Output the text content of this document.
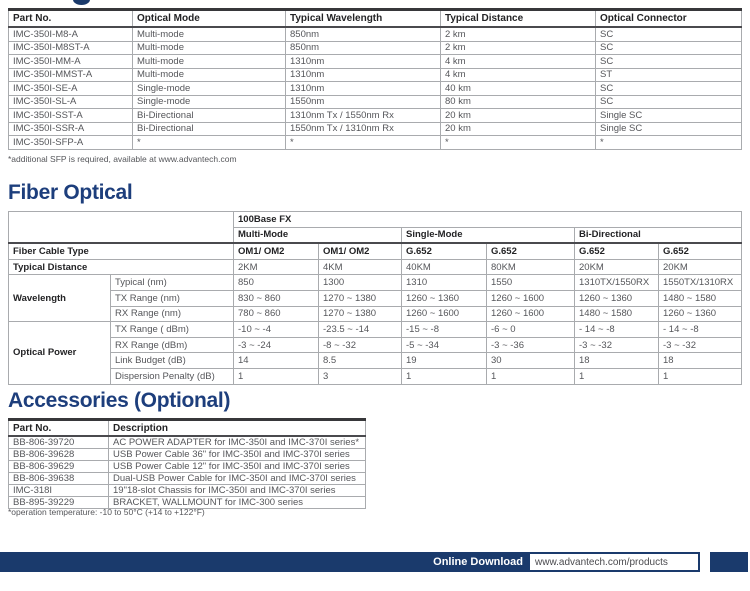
Part No.	Optical Mode	Typical Wavelength	Typical Distance	Optical Connector
IMC-350I-M8-A	Multi-mode	850nm	2 km	SC
IMC-350I-M8ST-A	Multi-mode	850nm	2 km	SC
IMC-350I-MM-A	Multi-mode	1310nm	4 km	SC
IMC-350I-MMST-A	Multi-mode	1310nm	4 km	ST
IMC-350I-SE-A	Single-mode	1310nm	40 km	SC
IMC-350I-SL-A	Single-mode	1550nm	80 km	SC
IMC-350I-SST-A	Bi-Directional	1310nm Tx / 1550nm Rx	20 km	Single SC
IMC-350I-SSR-A	Bi-Directional	1550nm Tx / 1310nm Rx	20 km	Single SC
IMC-350I-SFP-A	*	*	*	*

*additional SFP is required, available at www.advantech.com

Fiber Optical
		100Base FX					
		Multi-Mode		Single-Mode		Bi-Directional	
Fiber Cable Type		OM1/ OM2	OM1/ OM2	G.652	G.652	G.652	G.652
Typical Distance		2KM	4KM	40KM	80KM	20KM	20KM
Wavelength	Typical (nm)	850	1300	1310	1550	1310TX/1550RX	1550TX/1310RX
	TX Range (nm)	830 ~ 860	1270 ~ 1380	1260 ~ 1360	1260 ~ 1600	1260 ~ 1360	1480 ~ 1580
	RX Range (nm)	780 ~ 860	1270 ~ 1380	1260 ~ 1600	1260 ~ 1600	1480 ~ 1580	1260 ~ 1360
Optical Power	TX Range ( dBm)	-10 ~ -4	-23.5 ~ -14	-15 ~ -8	-6 ~ 0	- 14 ~ -8	- 14 ~ -8
	RX Range (dBm)	-3 ~ -24	-8 ~ -32	-5 ~ -34	-3 ~ -36	-3 ~ -32	-3 ~ -32
	Link Budget (dB)	14	8.5	19	30	18	18
	Dispersion Penalty (dB)	1	3	1	1	1	1
Accessories (Optional)
Part No.	Description
BB-806-39720	AC POWER ADAPTER for IMC-350I and IMC-370I series*
BB-806-39628	USB Power Cable 36" for IMC-350I and IMC-370I series
BB-806-39629	USB Power Cable 12" for IMC-350I and IMC-370I series
BB-806-39638	Dual-USB Power Cable for IMC-350I and IMC-370I series
IMC-318I	19"18-slot Chassis for IMC-350I and IMC-370I series
BB-895-39229	BRACKET, WALLMOUNT for IMC-300 series

*operation temperature: -10 to 50°C (+14 to +122°F)

Online Download	www.advantech.com/products
